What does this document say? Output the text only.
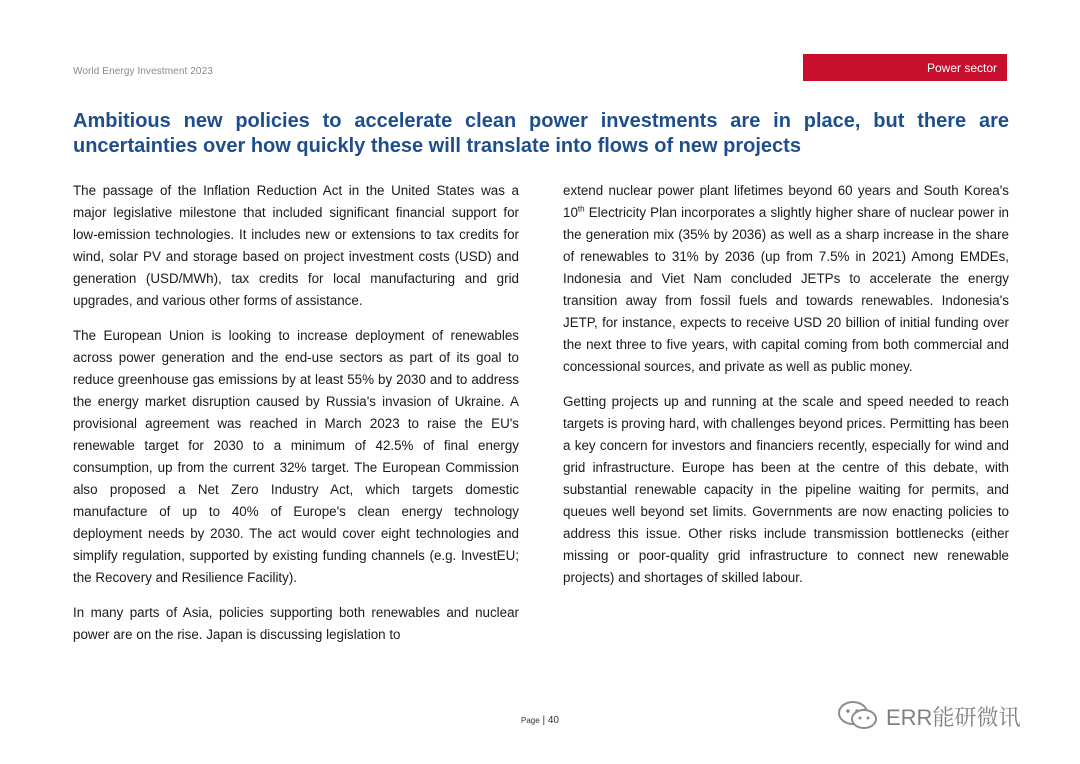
World Energy Investment 2023	Power sector
Ambitious new policies to accelerate clean power investments are in place, but there are uncertainties over how quickly these will translate into flows of new projects

The passage of the Inflation Reduction Act in the United States was a major legislative milestone that included significant financial support for low-emission technologies. It includes new or extensions to tax credits for wind, solar PV and storage based on project investment costs (USD) and generation (USD/MWh), tax credits for local manufacturing and grid upgrades, and various other forms of assistance.

The European Union is looking to increase deployment of renewables across power generation and the end-use sectors as part of its goal to reduce greenhouse gas emissions by at least 55% by 2030 and to address the energy market disruption caused by Russia's invasion of Ukraine. A provisional agreement was reached in March 2023 to raise the EU's renewable target for 2030 to a minimum of 42.5% of final energy consumption, up from the current 32% target. The European Commission also proposed a Net Zero Industry Act, which targets domestic manufacture of up to 40% of Europe's clean energy technology deployment needs by 2030. The act would cover eight technologies and simplify regulation, supported by existing funding channels (e.g. InvestEU; the Recovery and Resilience Facility).

In many parts of Asia, policies supporting both renewables and nuclear power are on the rise. Japan is discussing legislation to

extend nuclear power plant lifetimes beyond 60 years and South Korea's 10th Electricity Plan incorporates a slightly higher share of nuclear power in the generation mix (35% by 2036) as well as a sharp increase in the share of renewables to 31% by 2036 (up from 7.5% in 2021) Among EMDEs, Indonesia and Viet Nam concluded JETPs to accelerate the energy transition away from fossil fuels and towards renewables. Indonesia's JETP, for instance, expects to receive USD 20 billion of initial funding over the next three to five years, with capital coming from both commercial and concessional sources, and private as well as public money.

Getting projects up and running at the scale and speed needed to reach targets is proving hard, with challenges beyond prices. Permitting has been a key concern for investors and financiers recently, especially for wind and grid infrastructure. Europe has been at the centre of this debate, with substantial renewable capacity in the pipeline waiting for permits, and queues well beyond set limits. Governments are now enacting policies to address this issue. Other risks include transmission bottlenecks (either missing or poor-quality grid infrastructure to connect new renewable projects) and shortages of skilled labour.

Page | 40	ERR能研微讯
